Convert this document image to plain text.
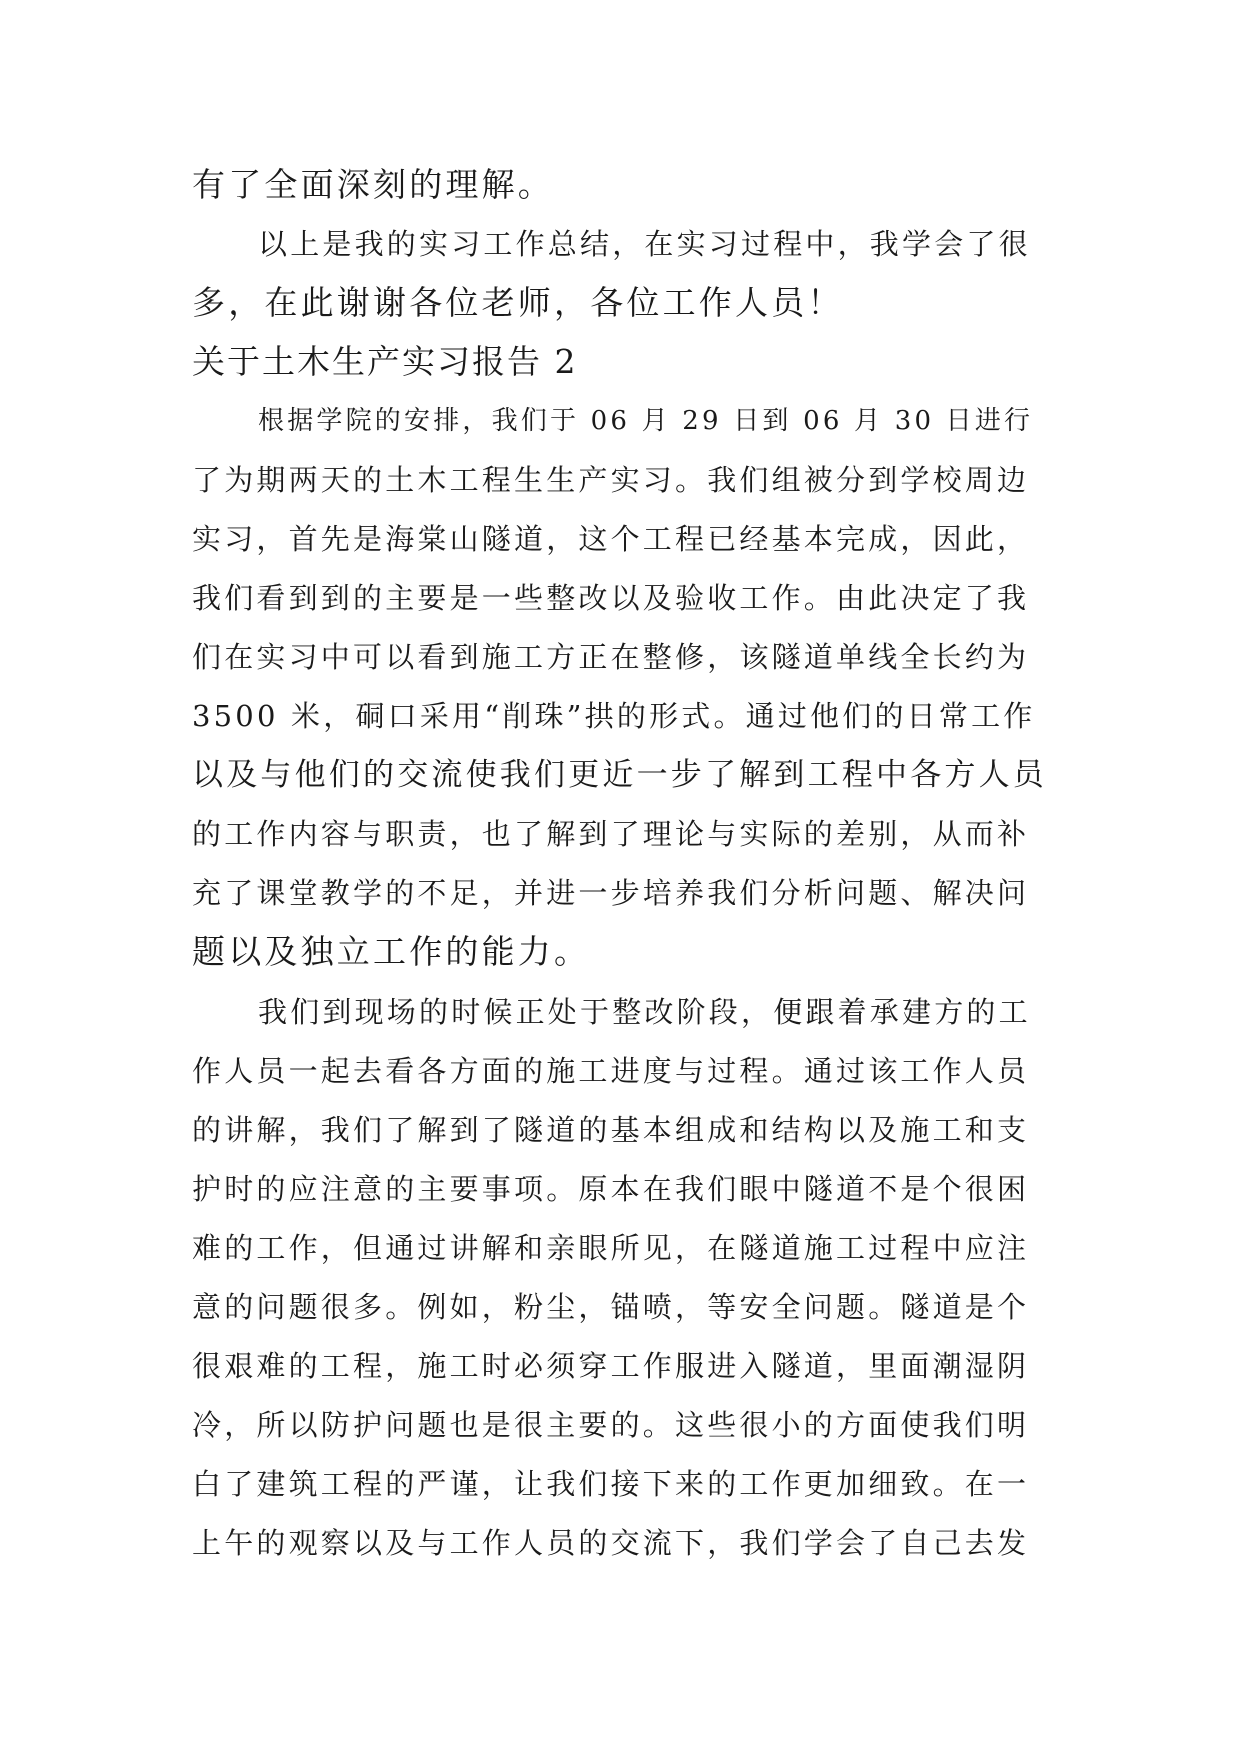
有了全面深刻的理解。
以上是我的实习工作总结，在实习过程中，我学会了很
多，在此谢谢各位老师，各位工作人员！
关于土木生产实习报告 2
根据学院的安排，我们于 06 月 29 日到 06 月 30 日进行
了为期两天的土木工程生生产实习。我们组被分到学校周边
实习，首先是海棠山隧道，这个工程已经基本完成，因此，
我们看到到的主要是一些整改以及验收工作。由此决定了我
们在实习中可以看到施工方正在整修，该隧道单线全长约为
3500 米，硐口采用“削珠”拱的形式。通过他们的日常工作
以及与他们的交流使我们更近一步了解到工程中各方人员
的工作内容与职责，也了解到了理论与实际的差别，从而补
充了课堂教学的不足，并进一步培养我们分析问题、解决问
题以及独立工作的能力。
我们到现场的时候正处于整改阶段，便跟着承建方的工
作人员一起去看各方面的施工进度与过程。通过该工作人员
的讲解，我们了解到了隧道的基本组成和结构以及施工和支
护时的应注意的主要事项。原本在我们眼中隧道不是个很困
难的工作，但通过讲解和亲眼所见，在隧道施工过程中应注
意的问题很多。例如，粉尘，锚喷，等安全问题。隧道是个
很艰难的工程，施工时必须穿工作服进入隧道，里面潮湿阴
冷，所以防护问题也是很主要的。这些很小的方面使我们明
白了建筑工程的严谨，让我们接下来的工作更加细致。在一
上午的观察以及与工作人员的交流下，我们学会了自己去发
